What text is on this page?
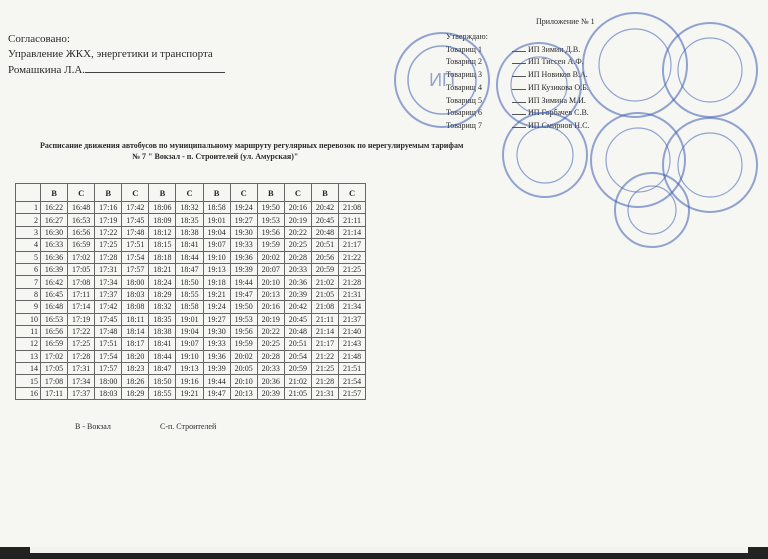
Согласовано:
Управление ЖКХ, энергетики и транспорта
Ромашкина Л.А.
Приложение № 1
Утверждаю:
Товарищ 1	ИП Зимин Д.В.
Товарищ 2	ИП Тиссен А.Ф.
Товарищ 3	ИП Новиков В.А.
Товарищ 4	ИП Кузикова О.Б.
Товарищ 5	ИП Зимина М.И.
Товарищ 6	ИП Горбачев С.В.
Товарищ 7	ИП Смирнов Н.С.
ИП
Расписание движения автобусов по муниципальному маршруту регулярных перевозок по нерегулируемым тарифам
№ 7 " Вокзал - п. Строителей (ул. Амурская)"
	В	С	В	С	В	С	В	С	В	С	В	С
1	16:22	16:48	17:16	17:42	18:06	18:32	18:58	19:24	19:50	20:16	20:42	21:08
2	16:27	16:53	17:19	17:45	18:09	18:35	19:01	19:27	19:53	20:19	20:45	21:11
3	16:30	16:56	17:22	17:48	18:12	18:38	19:04	19:30	19:56	20:22	20:48	21:14
4	16:33	16:59	17:25	17:51	18:15	18:41	19:07	19:33	19:59	20:25	20:51	21:17
5	16:36	17:02	17:28	17:54	18:18	18:44	19:10	19:36	20:02	20:28	20:56	21:22
6	16:39	17:05	17:31	17:57	18:21	18:47	19:13	19:39	20:07	20:33	20:59	21:25
7	16:42	17:08	17:34	18:00	18:24	18:50	19:18	19:44	20:10	20:36	21:02	21:28
8	16:45	17:11	17:37	18:03	18:29	18:55	19:21	19:47	20:13	20:39	21:05	21:31
9	16:48	17:14	17:42	18:08	18:32	18:58	19:24	19:50	20:16	20:42	21:08	21:34
10	16:53	17:19	17:45	18:11	18:35	19:01	19:27	19:53	20:19	20:45	21:11	21:37
11	16:56	17:22	17:48	18:14	18:38	19:04	19:30	19:56	20:22	20:48	21:14	21:40
12	16:59	17:25	17:51	18:17	18:41	19:07	19:33	19:59	20:25	20:51	21:17	21:43
13	17:02	17:28	17:54	18:20	18:44	19:10	19:36	20:02	20:28	20:54	21:22	21:48
14	17:05	17:31	17:57	18:23	18:47	19:13	19:39	20:05	20:33	20:59	21:25	21:51
15	17:08	17:34	18:00	18:26	18:50	19:16	19:44	20:10	20:36	21:02	21:28	21:54
16	17:11	17:37	18:03	18:29	18:55	19:21	19:47	20:13	20:39	21:05	21:31	21:57
В - Вокзал	С-п. Строителей
